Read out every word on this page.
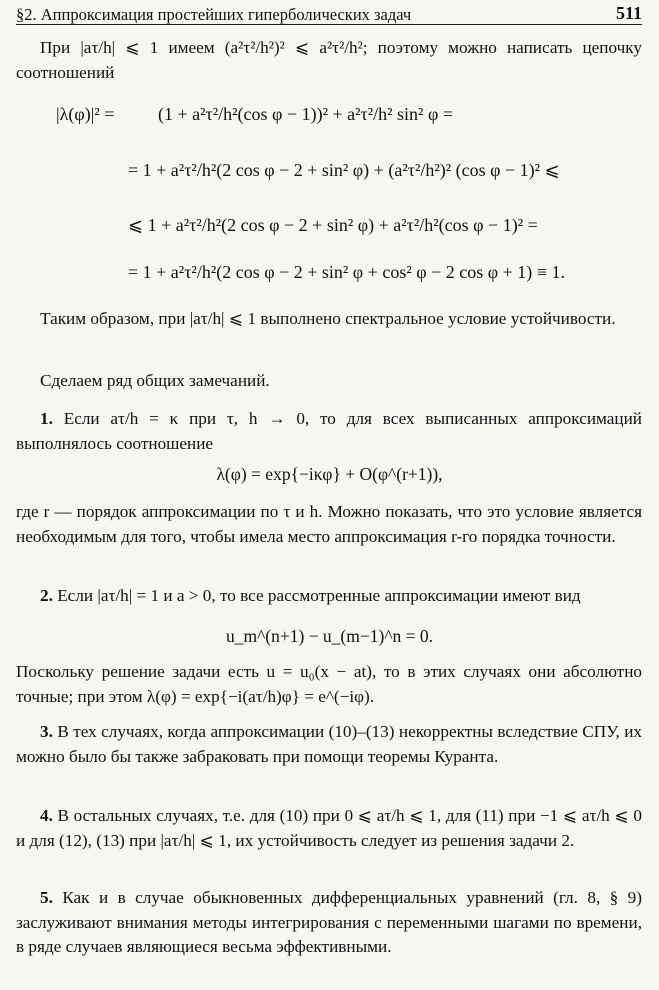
§2. Аппроксимация простейших гиперболических задач	511
При |aτ/h| ⩽ 1 имеем (a²τ²/h²)² ⩽ a²τ²/h²; поэтому можно написать цепочку соотношений
|λ(φ)|² = (1 + a²τ²/h²(cos φ − 1))² + a²τ²/h² sin² φ =
= 1 + a²τ²/h²(2 cos φ − 2 + sin² φ) + (a²τ²/h²)² (cos φ − 1)² ⩽
⩽ 1 + a²τ²/h²(2 cos φ − 2 + sin² φ) + a²τ²/h²(cos φ − 1)² =
= 1 + a²τ²/h²(2 cos φ − 2 + sin² φ + cos² φ − 2 cos φ + 1) ≡ 1.
Таким образом, при |aτ/h| ⩽ 1 выполнено спектральное условие устойчивости.
Сделаем ряд общих замечаний.
1. Если aτ/h = κ при τ, h → 0, то для всех выписанных аппроксимаций выполнялось соотношение
λ(φ) = exp{−iκφ} + O(φ^(r+1)),
где r — порядок аппроксимации по τ и h. Можно показать, что это условие является необходимым для того, чтобы имела место аппроксимация r-го порядка точности.
2. Если |aτ/h| = 1 и a > 0, то все рассмотренные аппроксимации имеют вид
u_m^(n+1) − u_(m−1)^n = 0.
Поскольку решение задачи есть u = u₀(x − at), то в этих случаях они абсолютно точные; при этом λ(φ) = exp{−i(aτ/h)φ} = e^(−iφ).
3. В тех случаях, когда аппроксимации (10)–(13) некорректны вследствие СПУ, их можно было бы также забраковать при помощи теоремы Куранта.
4. В остальных случаях, т.е. для (10) при 0 ⩽ aτ/h ⩽ 1, для (11) при −1 ⩽ aτ/h ⩽ 0 и для (12), (13) при |aτ/h| ⩽ 1, их устойчивость следует из решения задачи 2.
5. Как и в случае обыкновенных дифференциальных уравнений (гл. 8, § 9) заслуживают внимания методы интегрирования с переменными шагами по времени, в ряде случаев являющиеся весьма эффективными.
